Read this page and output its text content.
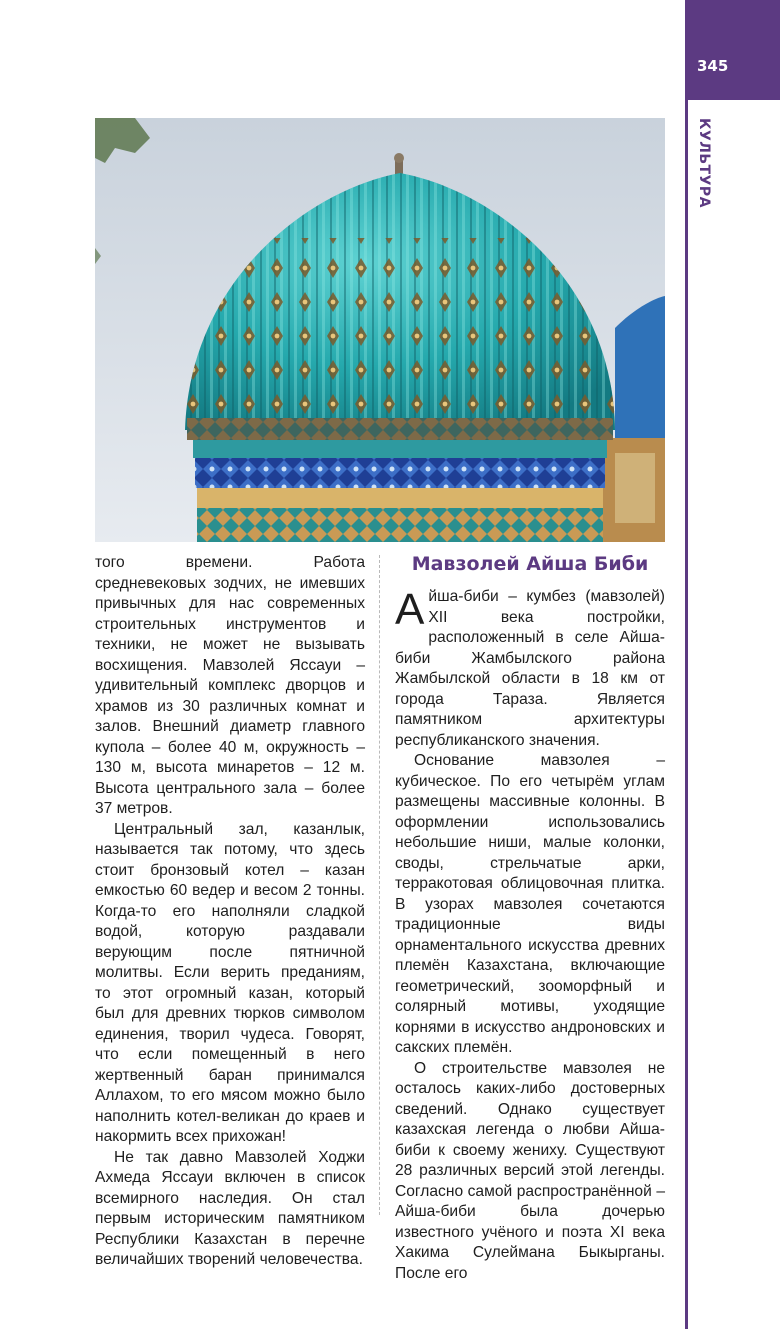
345
КУЛЬТУРА

того времени. Работа средневековых зодчих, не имевших привычных для нас современных строительных инструментов и техники, не может не вызывать восхищения. Мавзолей Яссауи – удивительный комплекс дворцов и храмов из 30 различных комнат и залов. Внешний диаметр главного купола – более 40 м, окружность – 130 м, высота минаретов – 12 м. Высота центрального зала – более 37 метров.

Центральный зал, казанлык, называется так потому, что здесь стоит бронзовый котел – казан емкостью 60 ведер и весом 2 тонны. Когда-то его наполняли сладкой водой, которую раздавали верующим после пятничной молитвы. Если верить преданиям, то этот огромный казан, который был для древних тюрков символом единения, творил чудеса. Говорят, что если помещенный в него жертвенный баран принимался Аллахом, то его мясом можно было наполнить котел-великан до краев и накормить всех прихожан!

Не так давно Мавзолей Ходжи Ахмеда Яссауи включен в список всемирного наследия. Он стал первым историческим памятником Республики Казахстан в перечне величайших творений человечества.

Мавзолей Айша Биби

Айша-биби – кумбез (мавзолей) XII века постройки, расположенный в селе Айша-биби Жамбылского района Жамбылской области в 18 км от города Тараза. Является памятником архитектуры республиканского значения.

Основание мавзолея – кубическое. По его четырём углам размещены массивные колонны. В оформлении использовались небольшие ниши, малые колонки, своды, стрельчатые арки, терракотовая облицовочная плитка. В узорах мавзолея сочетаются традиционные виды орнаментального искусства древних племён Казахстана, включающие геометрический, зооморфный и солярный мотивы, уходящие корнями в искусство андроновских и сакских племён.

О строительстве мавзолея не осталось каких-либо достоверных сведений. Однако существует казахская легенда о любви Айша-биби к своему жениху. Существуют 28 различных версий этой легенды. Согласно самой распространённой – Айша-биби была дочерью известного учёного и поэта XI века Хакима Сулеймана Быкырганы. После его
